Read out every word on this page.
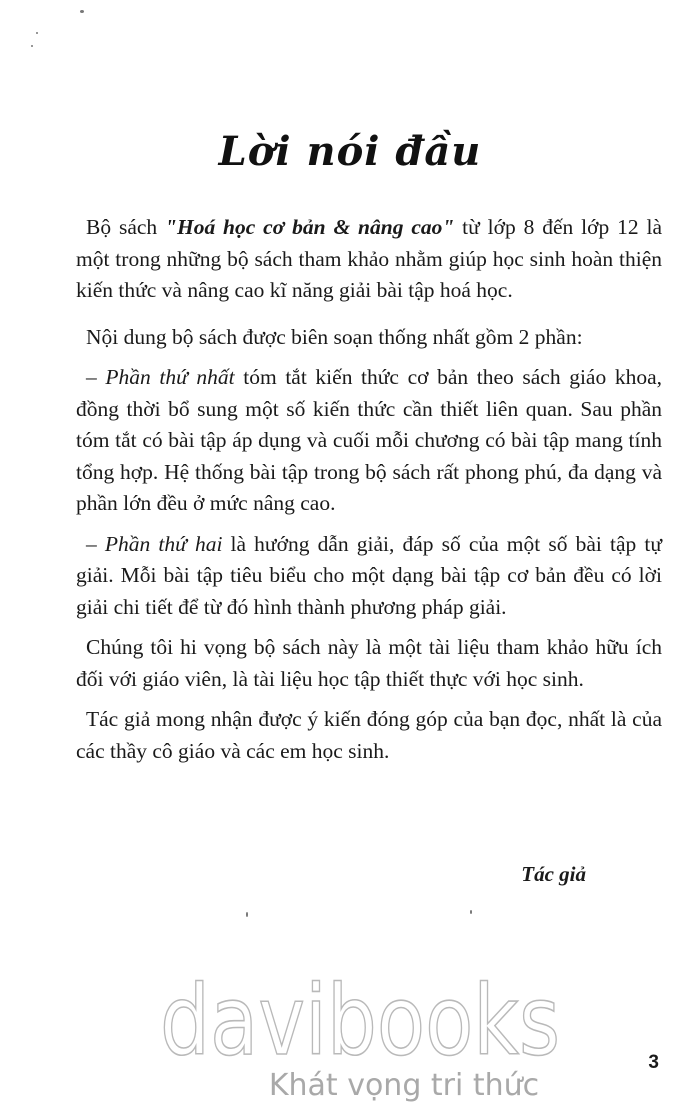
Lời nói đầu

Bộ sách "Hoá học cơ bản & nâng cao" từ lớp 8 đến lớp 12 là một trong những bộ sách tham khảo nhằm giúp học sinh hoàn thiện kiến thức và nâng cao kĩ năng giải bài tập hoá học.

Nội dung bộ sách được biên soạn thống nhất gồm 2 phần:

– Phần thứ nhất tóm tắt kiến thức cơ bản theo sách giáo khoa, đồng thời bổ sung một số kiến thức cần thiết liên quan. Sau phần tóm tắt có bài tập áp dụng và cuối mỗi chương có bài tập mang tính tổng hợp. Hệ thống bài tập trong bộ sách rất phong phú, đa dạng và phần lớn đều ở mức nâng cao.

– Phần thứ hai là hướng dẫn giải, đáp số của một số bài tập tự giải. Mỗi bài tập tiêu biểu cho một dạng bài tập cơ bản đều có lời giải chi tiết để từ đó hình thành phương pháp giải.

Chúng tôi hi vọng bộ sách này là một tài liệu tham khảo hữu ích đối với giáo viên, là tài liệu học tập thiết thực với học sinh.

Tác giả mong nhận được ý kiến đóng góp của bạn đọc, nhất là của các thầy cô giáo và các em học sinh.

Tác giả
davibooks
Khát vọng tri thức
3
